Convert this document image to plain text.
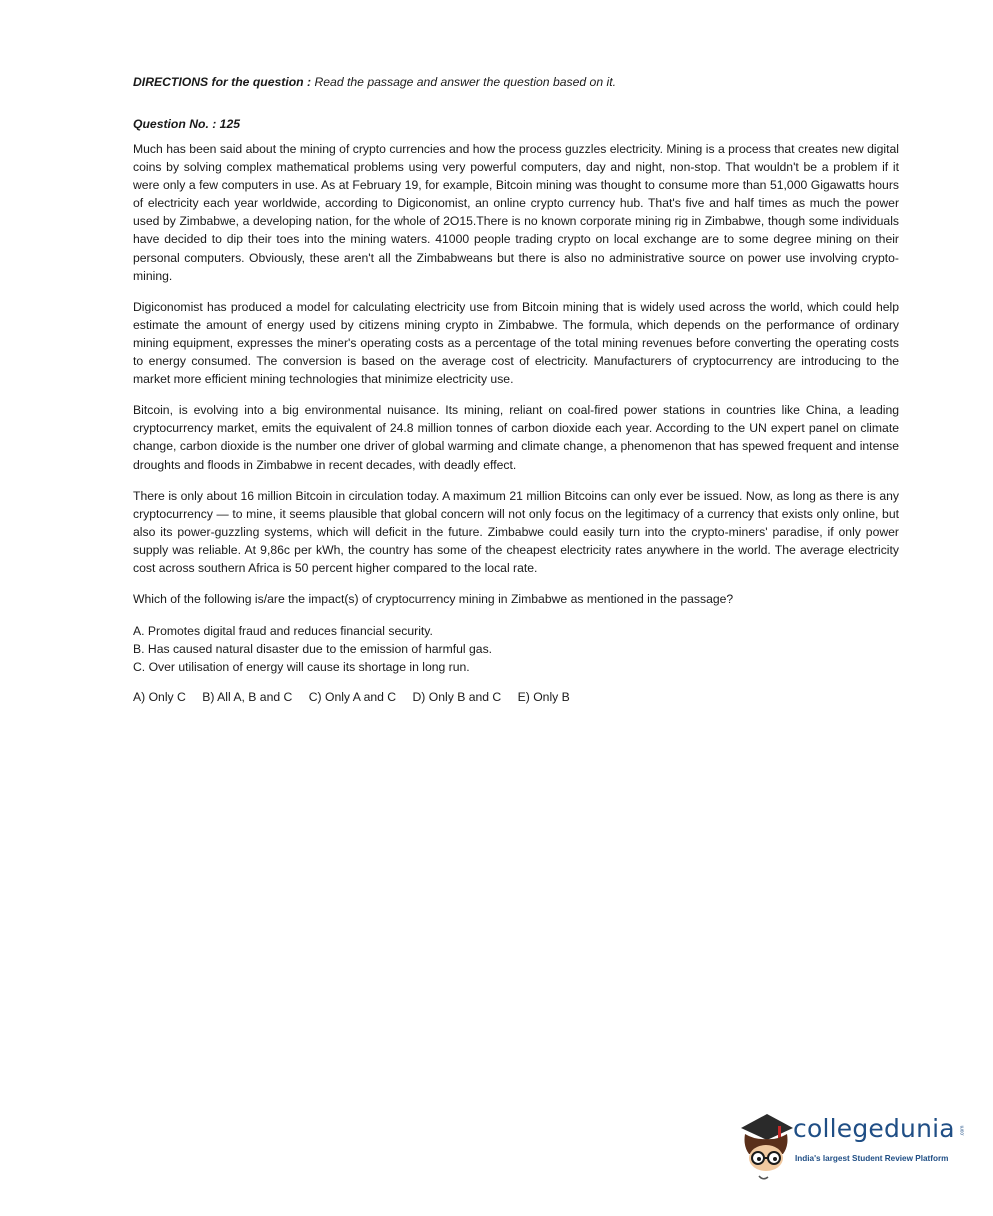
DIRECTIONS for the question : Read the passage and answer the question based on it.

Question No. : 125

Much has been said about the mining of crypto currencies and how the process guzzles electricity. Mining is a process that creates new digital coins by solving complex mathematical problems using very powerful computers, day and night, non-stop. That wouldn't be a problem if it were only a few computers in use. As at February 19, for example, Bitcoin mining was thought to consume more than 51,000 Gigawatts hours of electricity each year worldwide, according to Digiconomist, an online crypto currency hub. That's five and half times as much the power used by Zimbabwe, a developing nation, for the whole of 2O15.There is no known corporate mining rig in Zimbabwe, though some individuals have decided to dip their toes into the mining waters. 41000 people trading crypto on local exchange are to some degree mining on their personal computers. Obviously, these aren't all the Zimbabweans but there is also no administrative source on power use involving crypto-mining.

Digiconomist has produced a model for calculating electricity use from Bitcoin mining that is widely used across the world, which could help estimate the amount of energy used by citizens mining crypto in Zimbabwe. The formula, which depends on the performance of ordinary mining equipment, expresses the miner's operating costs as a percentage of the total mining revenues before converting the operating costs to energy consumed. The conversion is based on the average cost of electricity. Manufacturers of cryptocurrency are introducing to the market more efficient mining technologies that minimize electricity use.

Bitcoin, is evolving into a big environmental nuisance. Its mining, reliant on coal-fired power stations in countries like China, a leading cryptocurrency market, emits the equivalent of 24.8 million tonnes of carbon dioxide each year. According to the UN expert panel on climate change, carbon dioxide is the number one driver of global warming and climate change, a phenomenon that has spewed frequent and intense droughts and floods in Zimbabwe in recent decades, with deadly effect.

There is only about 16 million Bitcoin in circulation today. A maximum 21 million Bitcoins can only ever be issued. Now, as long as there is any cryptocurrency — to mine, it seems plausible that global concern will not only focus on the legitimacy of a currency that exists only online, but also its power-guzzling systems, which will deficit in the future. Zimbabwe could easily turn into the crypto-miners' paradise, if only power supply was reliable. At 9,86c per kWh, the country has some of the cheapest electricity rates anywhere in the world. The average electricity cost across southern Africa is 50 percent higher compared to the local rate.

Which of the following is/are the impact(s) of cryptocurrency mining in Zimbabwe as mentioned in the passage?

A. Promotes digital fraud and reduces financial security.
B. Has caused natural disaster due to the emission of harmful gas.
C. Over utilisation of energy will cause its shortage in long run.
A) Only C B) All A, B and C C) Only A and C D) Only B and C E) Only B
collegedunia .com
India's largest Student Review Platform
